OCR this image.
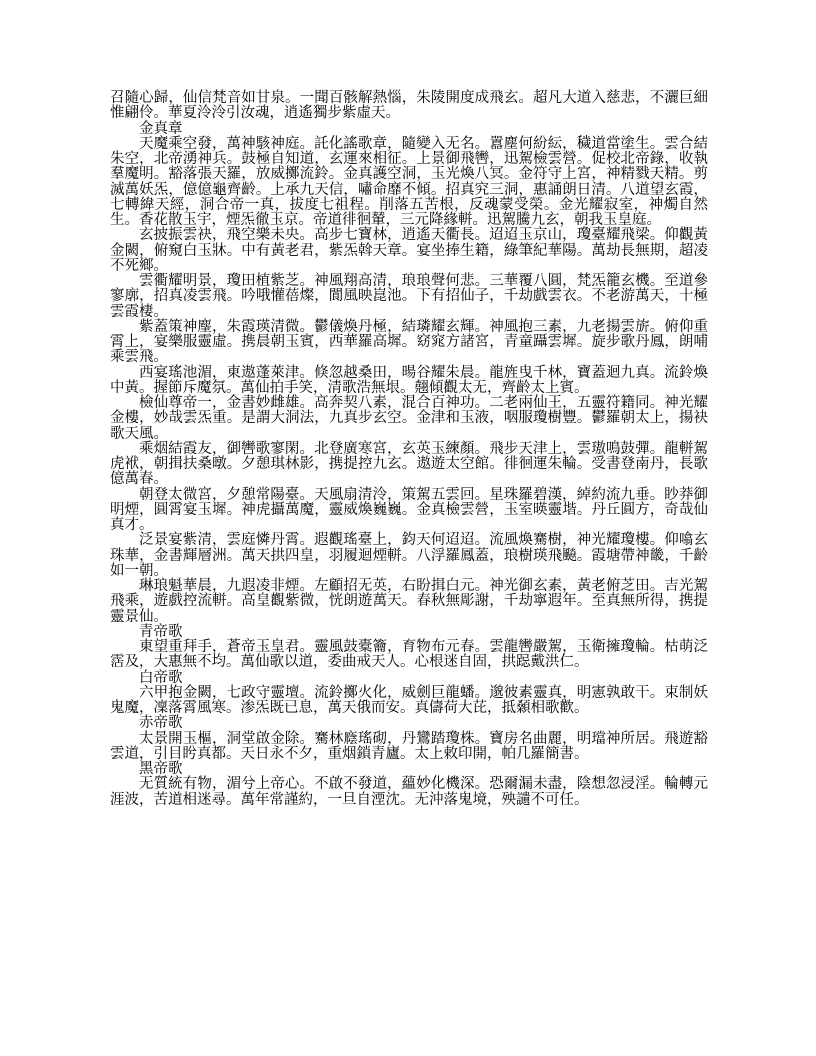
召隨心歸，仙信梵音如甘泉。一聞百骸解熱惱，朱陵開度成飛玄。超凡大道入慈悲，不灑巨細惟翩伶。華夏泠泠引汝魂，逍遙獨步紫虛天。

金真章

天魔乘空發，萬神駭神庭。託化謠歌章，隨變入无名。囂塵何紛紜，穢道當塗生。雲合結朱空，北帝湧神兵。鼓極自知道，玄運來相征。上景御飛轡，迅駕檢雲營。促校北帝錄，收執羣魔明。豁落張天羅，放威擲流鈴。金真護空洞，玉光煥八冥。金符守上宮，神精戮天精。剪滅萬妖炁，億億龜齊齡。上承九天信，嘯命靡不傾。招真究三洞，惠誦朗日清。八道望玄霞，七轉緯天經，洞合帝一真，拔度七祖程。削落五苦根，反魂蒙受榮。金光耀寂室，神燭自然生。香花散玉宇，煙炁徹玉京。帝道徘徊輦，三元降緣軿。迅駕騰九玄，朝我玉皇庭。

玄披振雲袂，飛空樂未央。高步七寶林，逍遙天衢長。迢迢玉京山，瓊臺耀飛梁。仰觀黃金闕，俯窺白玉牀。中有黃老君，紫炁斡天章。宴坐捧生籍，綠筆紀華陽。萬劫長無期，超凌不死鄉。

雲衢耀明景，瓊田植紫芝。神風翔高清，琅琅聲何悲。三華覆八圓，梵炁籠玄機。至道參寥廓，招真凌雲飛。吟哦懽蓓燦，閬風映崑池。下有招仙子，千劫戲雲衣。不老游萬天，十極雲霞棲。

紫蓋策神麈，朱霞瑛清微。鬱儀煥丹極，結璘耀玄輝。神風抱三素，九老揚雲旂。俯仰重霄上，宴樂服靈虛。携晨朝玉賓，西華羅高墀。窈窕方諸宮，青童躡雲墀。旋步歌丹鳳，朗哺乘雲飛。

西宴瑤池湄，東遨蓬萊津。倏忽越桑田，暘谷耀朱晨。龍旌曳千林，寶蓋迴九真。流鈴煥中黃。握節斥魔氛。萬仙拍手笑，清歌浩無垠。翹傾觀太无，齊齡太上賓。

檢仙尊帝一，金書妙雌雄。高奔契八素，混合百神功。二老兩仙王，五靈符籍同。神光耀金樓，妙哉雲炁重。是謂大洞法，九真步玄空。金津和玉液，咽服瓊樹豐。鬱羅朝太上，揚袂歌天風。

乘烟結霞友，御轡歌寥閑。北登廣寒宮，玄英玉練顏。飛步天津上，雲璈鳴鼓彈。龍軿駕虎袱，朝揖扶桑暾。夕憩琪林影，携提控九玄。遨遊太空館。徘徊運朱輪。受書登南丹，長歌億萬春。

朝登太微宮，夕憩常陽臺。天風扇清泠，策駕五雲回。星珠羅碧漢，綽約流九垂。眇莽御明煙，圓霄宴玉墀。神虎攝萬魔，靈威煥巍巍。金真檢雲營，玉室暎靈堦。丹丘圓方，奇哉仙真才。

泛景宴紫清，雲庭憐丹霄。遐觀瑤臺上，鈞天何迢迢。流風煥騫樹，神光耀瓊樓。仰噏玄珠華，金書輝層洲。萬天拱四皇，羽履迴煙軿。八浮羅鳳蓋，琅樹瑛飛飈。霞塘帶神畿，千齡如一朝。

琳琅魁華晨，九遐凌非煙。左顧招无英，右盼揖白元。神光御玄素，黃老俯芝田。吉光駕飛乘，遊戲控流軿。高皇觀紫微，恍朗遊萬天。春秋無彫謝，千劫寧遐年。至真無所得，携提靈景仙。

青帝歌

東望重拜手，蒼帝玉皇君。靈風鼓橐籥，育物布元春。雲龍轡嚴駕，玉衛擁瓊輪。枯萌泛霑及，大惠無不均。萬仙歌以道，委曲戒天人。心根迷自固，拱跽戴洪仁。

白帝歌

六甲抱金闕，七政守靈壇。流鈴擲火化，威劍巨龍蟠。邈彼素靈真，明憲孰敢干。束制妖鬼魔，凜落霄風寒。渗炁既已息，萬天俄而安。真儔荷大芘，抵顙相歌歡。

赤帝歌

太景開玉樞，洞堂啟金除。騫林廕瑤砌，丹鸞踏瓊株。寶房名曲麗，明璫神所居。飛遊豁雲道，引目盻真都。天日永不夕，重烟鎖青廬。太上敕印開，帕几羅簡書。

黑帝歌

无質統有物，湄兮上帝心。不啟不發道，蘊妙化機深。恐爾漏未盡，陰想忽浸淫。輪轉元涯波，苦道相迷尋。萬年常謹約，一旦自湮沈。无沖落鬼境，殃讉不可任。
